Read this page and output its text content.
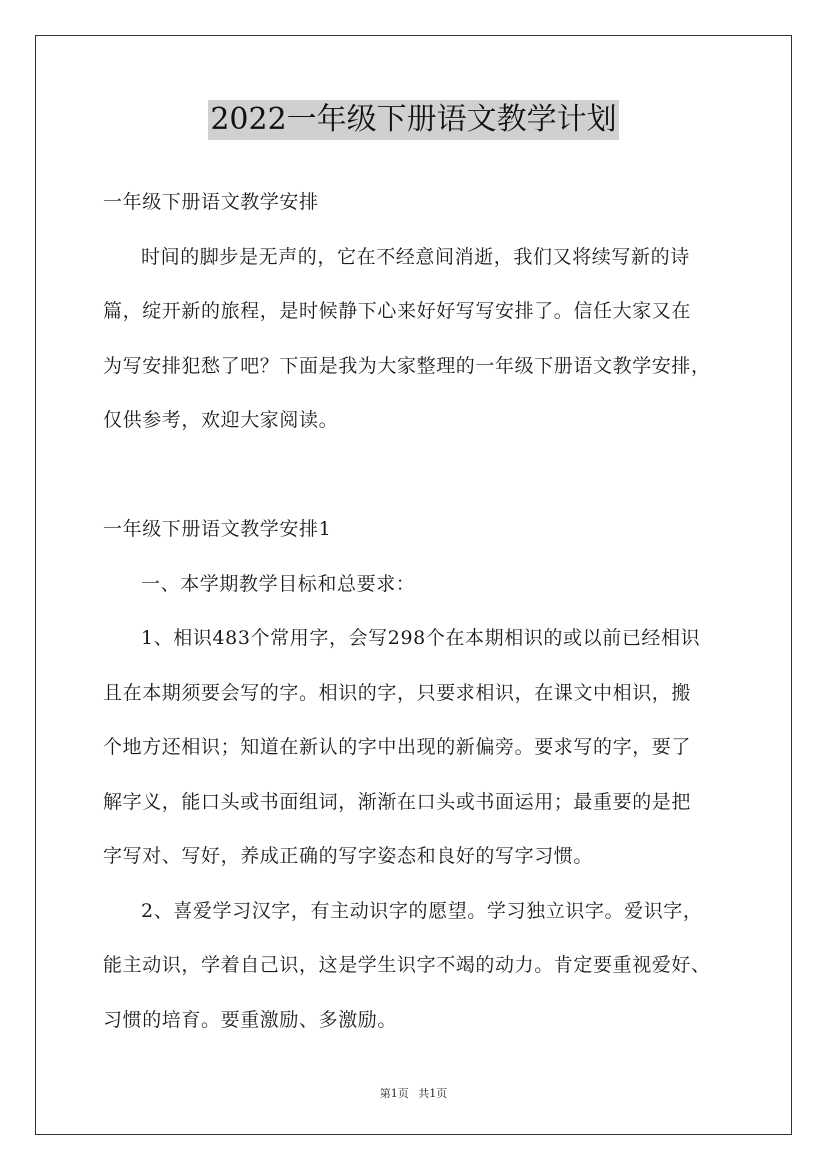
2022一年级下册语文教学计划
一年级下册语文教学安排
时间的脚步是无声的，它在不经意间消逝，我们又将续写新的诗
篇，绽开新的旅程，是时候静下心来好好写写安排了。信任大家又在
为写安排犯愁了吧？下面是我为大家整理的一年级下册语文教学安排，
仅供参考，欢迎大家阅读。
一年级下册语文教学安排1
一、本学期教学目标和总要求：
1、相识483个常用字，会写298个在本期相识的或以前已经相识
且在本期须要会写的字。相识的字，只要求相识，在课文中相识，搬
个地方还相识；知道在新认的字中出现的新偏旁。要求写的字，要了
解字义，能口头或书面组词，渐渐在口头或书面运用；最重要的是把
字写对、写好，养成正确的写字姿态和良好的写字习惯。
2、喜爱学习汉字，有主动识字的愿望。学习独立识字。爱识字，
能主动识，学着自己识，这是学生识字不竭的动力。肯定要重视爱好、
习惯的培育。要重激励、多激励。
第1页 共1页
